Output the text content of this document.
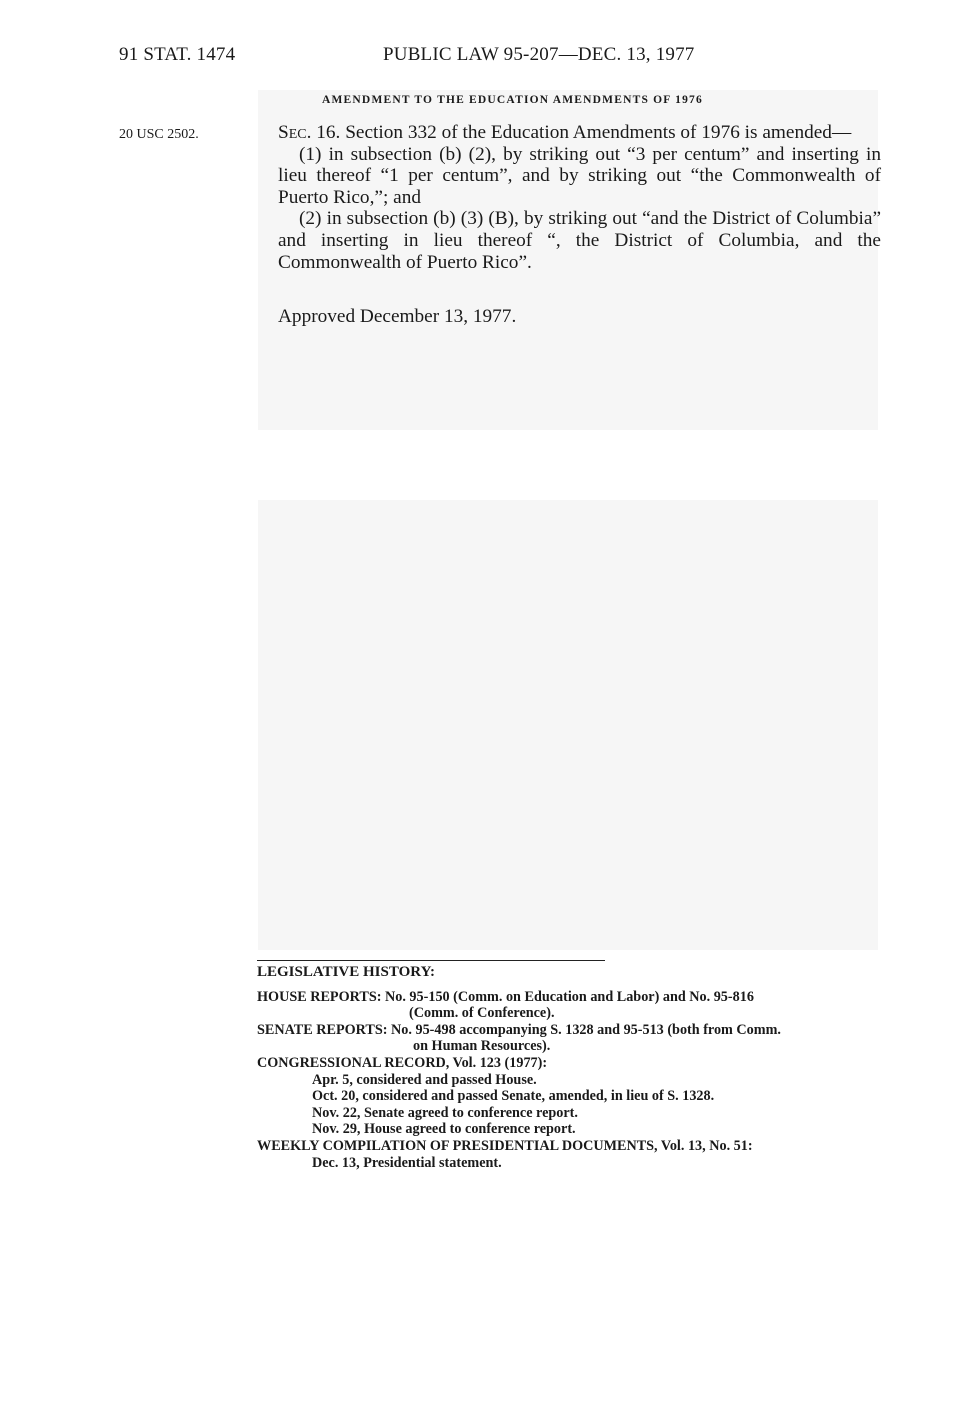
91 STAT. 1474	PUBLIC LAW 95-207—DEC. 13, 1977
AMENDMENT TO THE EDUCATION AMENDMENTS OF 1976
20 USC 2502.	Sec. 16. Section 332 of the Education Amendments of 1976 is amended—

(1) in subsection (b) (2), by striking out “3 per centum” and inserting in lieu thereof “1 per centum”, and by striking out “the Commonwealth of Puerto Rico,”; and

(2) in subsection (b) (3) (B), by striking out “and the District of Columbia” and inserting in lieu thereof “, the District of Columbia, and the Commonwealth of Puerto Rico”.

Approved December 13, 1977.

LEGISLATIVE HISTORY:

HOUSE REPORTS: No. 95-150 (Comm. on Education and Labor) and No. 95-816

(Comm. of Conference).

SENATE REPORTS: No. 95-498 accompanying S. 1328 and 95-513 (both from Comm.

on Human Resources).

CONGRESSIONAL RECORD, Vol. 123 (1977):

Apr. 5, considered and passed House.

Oct. 20, considered and passed Senate, amended, in lieu of S. 1328.

Nov. 22, Senate agreed to conference report.

Nov. 29, House agreed to conference report.

WEEKLY COMPILATION OF PRESIDENTIAL DOCUMENTS, Vol. 13, No. 51:

Dec. 13, Presidential statement.
